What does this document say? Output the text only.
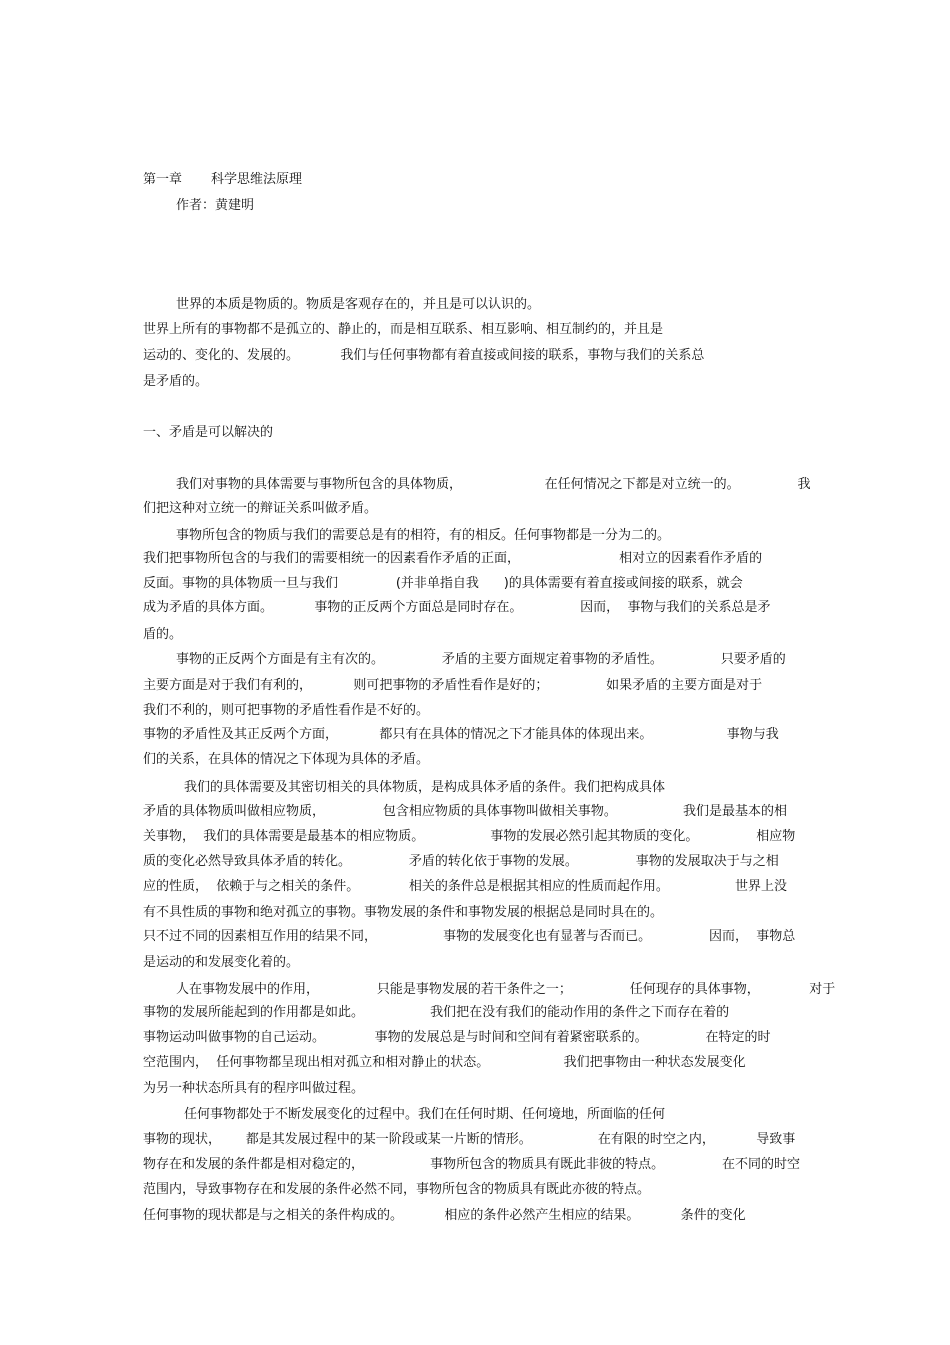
第一章 科学思维法原理
作者：黄建明
世界的本质是物质的。物质是客观存在的，并且是可以认识的。
世界上所有的事物都不是孤立的、静止的，而是相互联系、相互影响、相互制约的，并且是
运动的、变化的、发展的。          我们与任何事物都有着直接或间接的联系，事物与我们的关系总
是矛盾的。
一、矛盾是可以解决的
我们对事物的具体需要与事物所包含的具体物质，                    在任何情况之下都是对立统一的。              我
们把这种对立统一的辩证关系叫做矛盾。
事物所包含的物质与我们的需要总是有的相符，有的相反。任何事物都是一分为二的。
我们把事物所包含的与我们的需要相统一的因素看作矛盾的正面，                        相对立的因素看作矛盾的
反面。事物的具体物质一旦与我们              (并非单指自我      )的具体需要有着直接或间接的联系，就会
成为矛盾的具体方面。          事物的正反两个方面总是同时存在。              因而，  事物与我们的关系总是矛
盾的。
事物的正反两个方面是有主有次的。              矛盾的主要方面规定着事物的矛盾性。              只要矛盾的
主要方面是对于我们有利的，          则可把事物的矛盾性看作是好的；              如果矛盾的主要方面是对于
我们不利的，则可把事物的矛盾性看作是不好的。
事物的矛盾性及其正反两个方面，          都只有在具体的情况之下才能具体的体现出来。                  事物与我
们的关系，在具体的情况之下体现为具体的矛盾。
我们的具体需要及其密切相关的具体物质，是构成具体矛盾的条件。我们把构成具体
矛盾的具体物质叫做相应物质，              包含相应物质的具体事物叫做相关事物。                我们是最基本的相
关事物，  我们的具体需要是最基本的相应物质。                事物的发展必然引起其物质的变化。              相应物
质的变化必然导致具体矛盾的转化。              矛盾的转化依于事物的发展。              事物的发展取决于与之相
应的性质，  依赖于与之相关的条件。            相关的条件总是根据其相应的性质而起作用。                世界上没
有不具性质的事物和绝对孤立的事物。事物发展的条件和事物发展的根据总是同时具在的。
只不过不同的因素相互作用的结果不同，                事物的发展变化也有显著与否而已。              因而，  事物总
是运动的和发展变化着的。
人在事物发展中的作用，              只能是事物发展的若干条件之一；              任何现存的具体事物，            对于
事物的发展所能起到的作用都是如此。                我们把在没有我们的能动作用的条件之下而存在着的
事物运动叫做事物的自己运动。            事物的发展总是与时间和空间有着紧密联系的。              在特定的时
空范围内，  任何事物都呈现出相对孤立和相对静止的状态。                  我们把事物由一种状态发展变化
为另一种状态所具有的程序叫做过程。
任何事物都处于不断发展变化的过程中。我们在任何时期、任何境地，所面临的任何
事物的现状，      都是其发展过程中的某一阶段或某一片断的情形。                在有限的时空之内，          导致事
物存在和发展的条件都是相对稳定的，                事物所包含的物质具有既此非彼的特点。              在不同的时空
范围内，导致事物存在和发展的条件必然不同，事物所包含的物质具有既此亦彼的特点。
任何事物的现状都是与之相关的条件构成的。          相应的条件必然产生相应的结果。          条件的变化
